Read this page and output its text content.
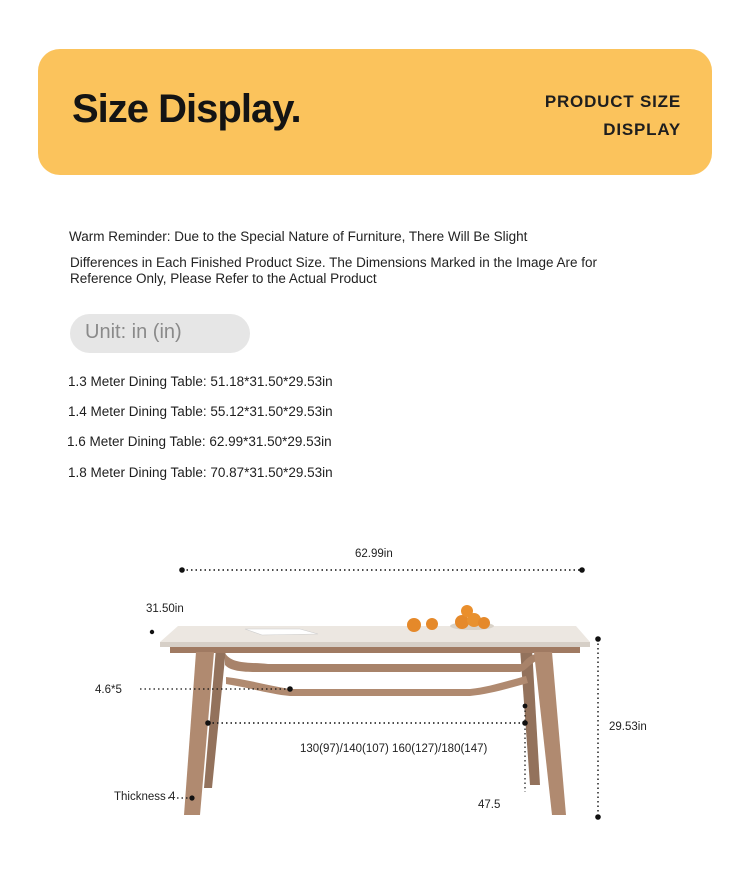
Size Display.	PRODUCT SIZE
DISPLAY
Warm Reminder: Due to the Special Nature of Furniture, There Will Be Slight
Differences in Each Finished Product Size. The Dimensions Marked in the Image Are for
Reference Only, Please Refer to the Actual Product
Unit: in (in)
1.3 Meter Dining Table: 51.18*31.50*29.53in
1.4 Meter Dining Table: 55.12*31.50*29.53in
1.6 Meter Dining Table: 62.99*31.50*29.53in
1.8 Meter Dining Table: 70.87*31.50*29.53in
62.99in
31.50in
29.53in
4.6*5
130(97)/140(107) 160(127)/180(147)
Thickness 4
47.5
